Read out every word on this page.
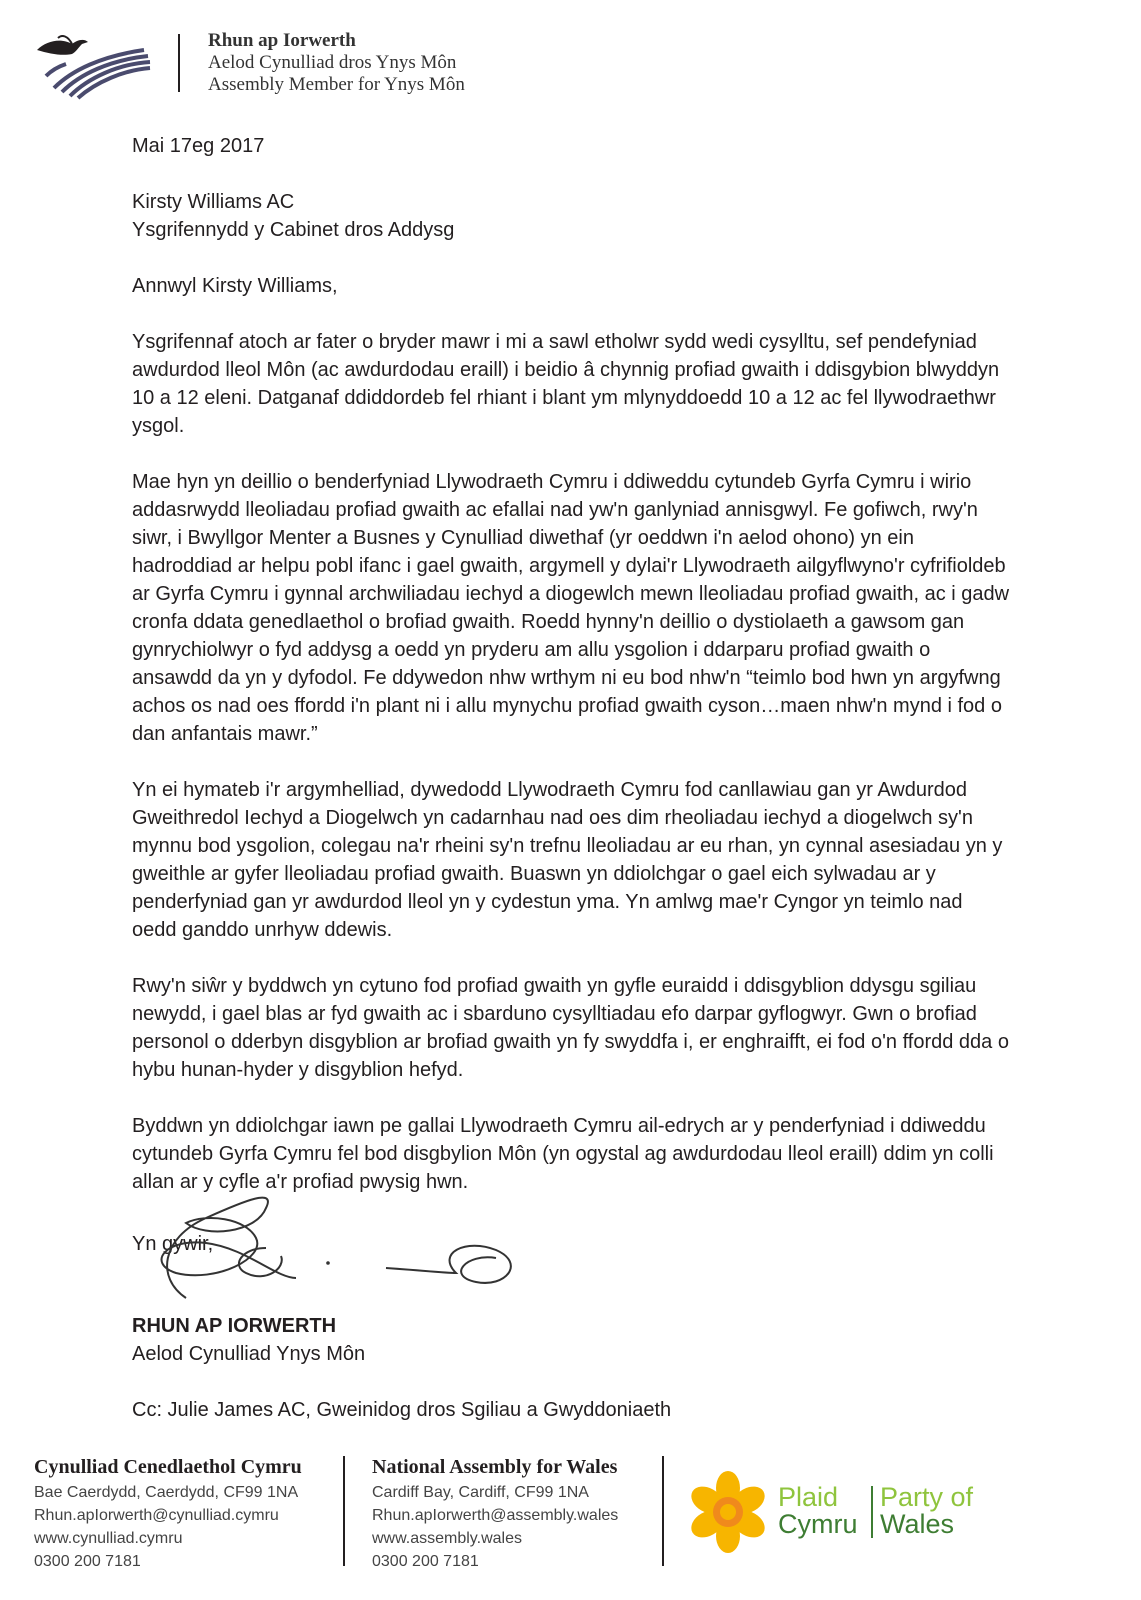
Rhun ap Iorwerth
Aelod Cynulliad dros Ynys Môn
Assembly Member for Ynys Môn

Mai 17eg 2017

Kirsty Williams AC

Ysgrifennydd y Cabinet dros Addysg

Annwyl Kirsty Williams,

Ysgrifennaf atoch ar fater o bryder mawr i mi a sawl etholwr sydd wedi cysylltu, sef pendefyniad awdurdod lleol Môn (ac awdurdodau eraill) i beidio â chynnig profiad gwaith i ddisgybion blwyddyn 10 a 12 eleni. Datganaf ddiddordeb fel rhiant i blant ym mlynyddoedd 10 a 12 ac fel llywodraethwr ysgol.

Mae hyn yn deillio o benderfyniad Llywodraeth Cymru i ddiweddu cytundeb Gyrfa Cymru i wirio addasrwydd lleoliadau profiad gwaith ac efallai nad yw'n ganlyniad annisgwyl. Fe gofiwch, rwy'n siwr, i Bwyllgor Menter a Busnes y Cynulliad diwethaf (yr oeddwn i'n aelod ohono) yn ein hadroddiad ar helpu pobl ifanc i gael gwaith, argymell y dylai'r Llywodraeth ailgyflwyno'r cyfrifioldeb ar Gyrfa Cymru i gynnal archwiliadau iechyd a diogewlch mewn lleoliadau profiad gwaith, ac i gadw cronfa ddata genedlaethol o brofiad gwaith. Roedd hynny'n deillio o dystiolaeth a gawsom gan gynrychiolwyr o fyd addysg a oedd yn pryderu am allu ysgolion i ddarparu profiad gwaith o ansawdd da yn y dyfodol. Fe ddywedon nhw wrthym ni eu bod nhw'n “teimlo bod hwn yn argyfwng achos os nad oes ffordd i'n plant ni i allu mynychu profiad gwaith cyson…maen nhw'n mynd i fod o dan anfantais mawr.”

Yn ei hymateb i'r argymhelliad, dywedodd Llywodraeth Cymru fod canllawiau gan yr Awdurdod Gweithredol Iechyd a Diogelwch yn cadarnhau nad oes dim rheoliadau iechyd a diogelwch sy'n mynnu bod ysgolion, colegau na'r rheini sy'n trefnu lleoliadau ar eu rhan, yn cynnal asesiadau yn y gweithle ar gyfer lleoliadau profiad gwaith. Buaswn yn ddiolchgar o gael eich sylwadau ar y penderfyniad gan yr awdurdod lleol yn y cydestun yma. Yn amlwg mae'r Cyngor yn teimlo nad oedd ganddo unrhyw ddewis.

Rwy'n siŵr y byddwch yn cytuno fod profiad gwaith yn gyfle euraidd i ddisgyblion ddysgu sgiliau newydd, i gael blas ar fyd gwaith ac i sbarduno cysylltiadau efo darpar gyflogwyr. Gwn o brofiad personol o dderbyn disgyblion ar brofiad gwaith yn fy swyddfa i, er enghraifft, ei fod o'n ffordd dda o hybu hunan-hyder y disgyblion hefyd.

Byddwn yn ddiolchgar iawn pe gallai Llywodraeth Cymru ail-edrych ar y penderfyniad i ddiweddu cytundeb Gyrfa Cymru fel bod disgbylion Môn (yn ogystal ag awdurdodau lleol eraill) ddim yn colli allan ar y cyfle a'r profiad pwysig hwn.

Yn gywir,
RHUN AP IORWERTH
Aelod Cynulliad Ynys Môn
Cc: Julie James AC, Gweinidog dros Sgiliau a Gwyddoniaeth
Cynulliad Cenedlaethol Cymru
Bae Caerdydd, Caerdydd, CF99 1NA
Rhun.apIorwerth@cynulliad.cymru
www.cynulliad.cymru
0300 200 7181
National Assembly for Wales
Cardiff Bay, Cardiff, CF99 1NA
Rhun.apIorwerth@assembly.wales
www.assembly.wales
0300 200 7181
Plaid
Cymru
Party of
Wales
